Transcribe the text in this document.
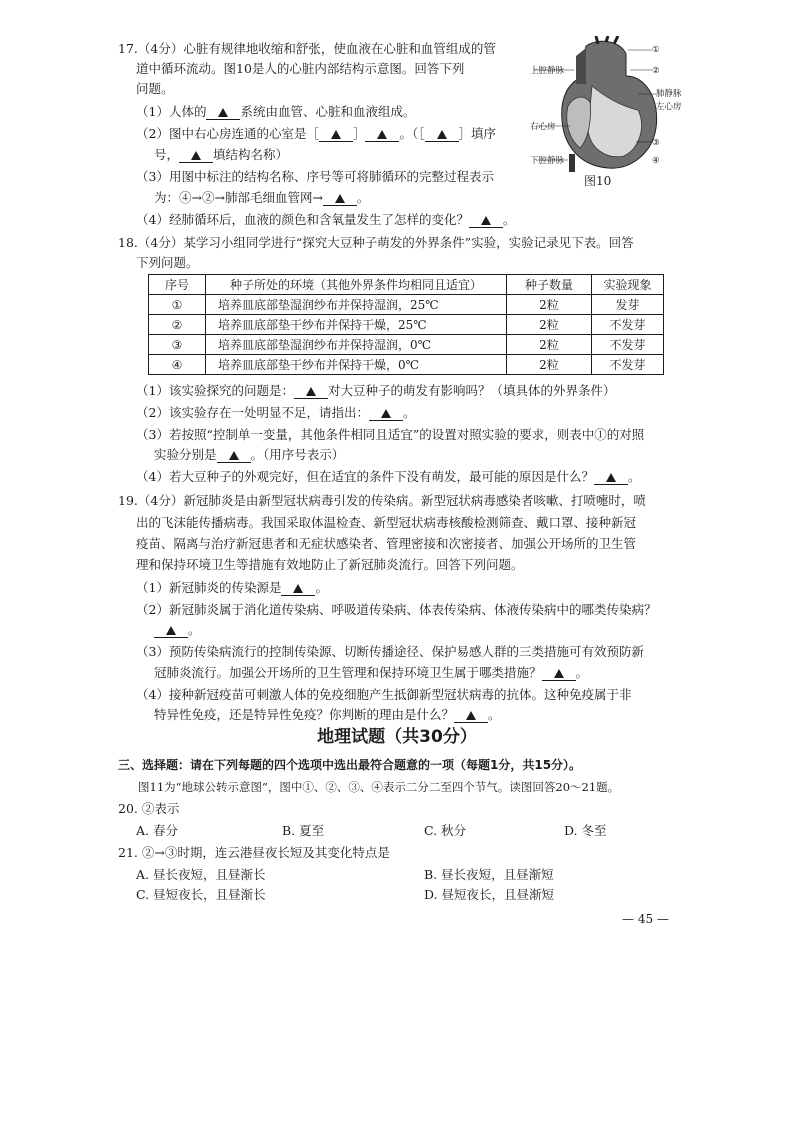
17.（4分）心脏有规律地收缩和舒张，使血液在心脏和血管组成的管
道中循环流动。图10是人的心脏内部结构示意图。回答下列
问题。
（1）人体的	系统由血管、心脏和血液组成。
（2）图中右心房连通的心室是［	］	。（［	］填序
号，	填结构名称）
（3）用图中标注的结构名称、序号等可将肺循环的完整过程表示
为：④→②→肺部毛细血管网→	。
（4）经肺循环后，血液的颜色和含氧量发生了怎样的变化？	。
①
②
肺静脉
左心房
上腔静脉
右心房
③
④
下腔静脉
图10
18.（4分）某学习小组同学进行“探究大豆种子萌发的外界条件”实验，实验记录见下表。回答
下列问题。
序号	种子所处的环境（其他外界条件均相同且适宜）	种子数量	实验现象
①	培养皿底部垫湿润纱布并保持湿润，25℃	2粒	发芽
②	培养皿底部垫干纱布并保持干燥，25℃	2粒	不发芽
③	培养皿底部垫湿润纱布并保持湿润，0℃	2粒	不发芽
④	培养皿底部垫干纱布并保持干燥，0℃	2粒	不发芽
（1）该实验探究的问题是：	对大豆种子的萌发有影响吗？（填具体的外界条件）
（2）该实验存在一处明显不足，请指出：	。
（3）若按照“控制单一变量，其他条件相同且适宜”的设置对照实验的要求，则表中①的对照
实验分别是	。（用序号表示）
（4）若大豆种子的外观完好，但在适宜的条件下没有萌发，最可能的原因是什么？	。
19.（4分）新冠肺炎是由新型冠状病毒引发的传染病。新型冠状病毒感染者咳嗽、打喷嚏时，喷
出的飞沫能传播病毒。我国采取体温检查、新型冠状病毒核酸检测筛查、戴口罩、接种新冠
疫苗、隔离与治疗新冠患者和无症状感染者、管理密接和次密接者、加强公开场所的卫生管
理和保持环境卫生等措施有效地防止了新冠肺炎流行。回答下列问题。
（1）新冠肺炎的传染源是	。
（2）新冠肺炎属于消化道传染病、呼吸道传染病、体表传染病、体液传染病中的哪类传染病？
。
（3）预防传染病流行的控制传染源、切断传播途径、保护易感人群的三类措施可有效预防新
冠肺炎流行。加强公开场所的卫生管理和保持环境卫生属于哪类措施？	。
（4）接种新冠疫苗可刺激人体的免疫细胞产生抵御新型冠状病毒的抗体。这种免疫属于非
特异性免疫，还是特异性免疫？你判断的理由是什么？	。
地理试题（共30分）
三、选择题：请在下列每题的四个选项中选出最符合题意的一项（每题1分，共15分）。
图11为“地球公转示意图”，图中①、②、③、④表示二分二至四个节气。读图回答20～21题。
20. ②表示
A. 春分	B. 夏至	C. 秋分	D. 冬至
21. ②→③时期，连云港昼夜长短及其变化特点是
A. 昼长夜短，且昼渐长	B. 昼长夜短，且昼渐短
C. 昼短夜长，且昼渐长	D. 昼短夜长，且昼渐短
— 45 —
